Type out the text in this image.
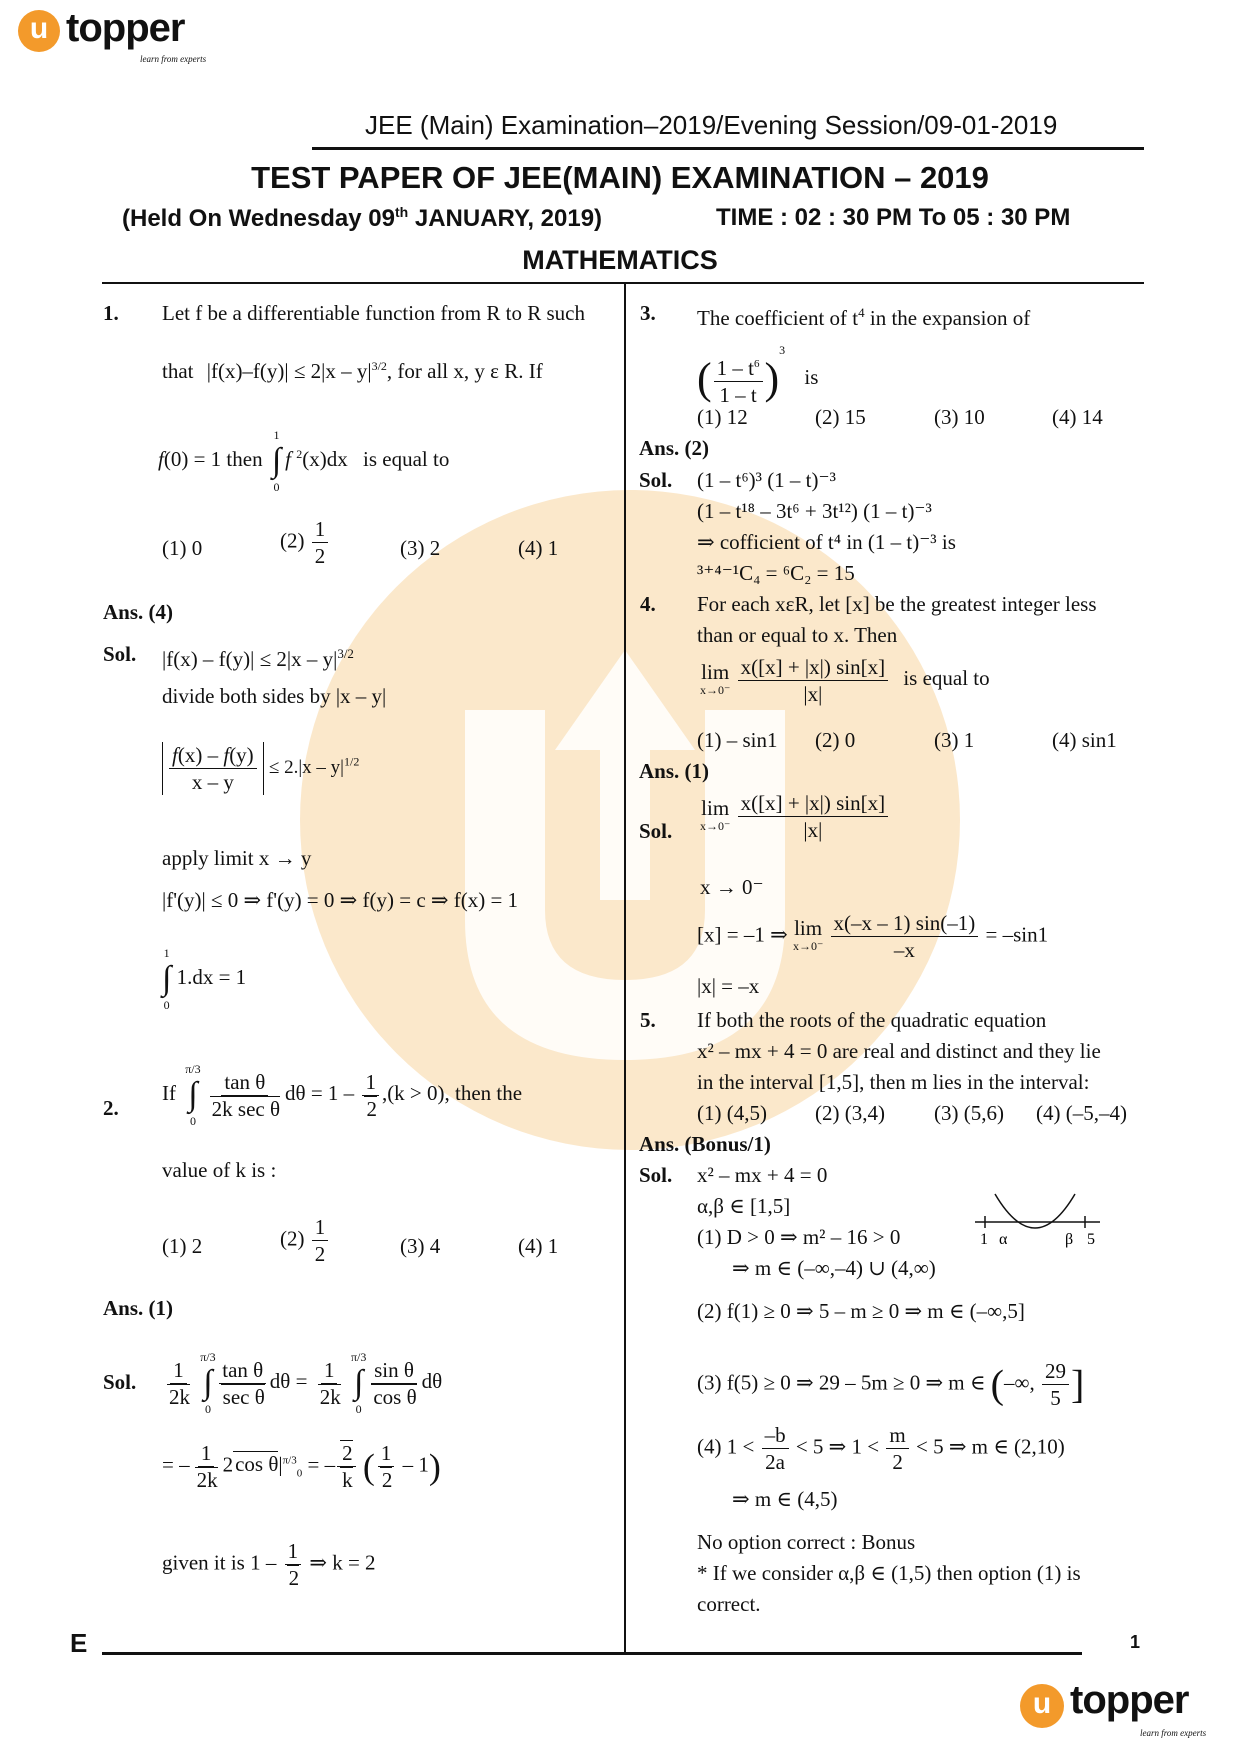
u topper
learn from experts
JEE (Main) Examination–2019/Evening Session/09-01-2019
TEST PAPER OF JEE(MAIN) EXAMINATION – 2019
(Held On Wednesday 09th JANUARY, 2019)	TIME : 02 : 30 PM To 05 : 30 PM
MATHEMATICS
1. Let f be a differentiable function from R to R such
that $|f(x)-f(y)| \le 2|x - y|^{3/2}$, for all x, y ε R. If
f(0) = 1 then
1
∫
0
f $^2$(x)dx is equal to
(1) 0	$(2) \frac{1}{2}$	(3) 2	(4) 1
Ans. (4)
Sol. $|f(x) - f(y)| \le 2|x - y|^{3/2}$
divide both sides by |x – y|
$\frac{f(x) - f(y)}{x - y} \le 2.|x - y|^{1/2}$
apply limit x → y
|f'(y)| ≤ 0 ⇒ f'(y) = 0 ⇒ f(y) = c ⇒ f(x) = 1
1
∫
0
1.dx = 1
2.
If
π/3
∫
0
tan θ
2k sec θ
$d\theta = 1 - \frac{1}{2} ,(k > 0)$, then the
value of k is :
(1) 2	$(2) \frac{1}{2}$	(3) 4	(4) 1
Ans. (1)
Sol. $\frac{1}{2k}$
π/3
∫
0
tan θ
sec θ
$d\theta = \frac{1}{2k}$
π/3
∫
$0 \frac{\text{sin θ}}{\text{cos θ}}$ dθ
= – $\frac{1}{2k} 2\cos$ $\theta|^{\pi/3}_0$ = – $\frac{2}{k}$ ( $\frac{1}{2} - 1$)
given it is $1 - \frac{1}{2}$ ⇒ k = 2
3. The coefficient of $t^4$ in the expansion of
( $\frac{1 - t^6}{1 - t} )^3$ is
(1) 12	(2) 15	(3) 10	(4) 14
Ans. (2)
Sol. (1 – t⁶)³ (1 – t)⁻³
(1 – t¹⁸ – 3t⁶ + 3t¹²) (1 – t)⁻³
⇒ cofficient of t⁴ in (1 – t)⁻³ is
³⁺⁴⁻¹C₄ = ⁶C₂ = 15
4. For each xεR, let [x] be the greatest integer less
than or equal to x. Then
lim
x→0⁻
$\frac{x([x] + |x|) \sin[x]}{|x|}$ is equal to
(1) – sin1 (2) 0	(3) 1	(4) sin1
Ans. (1)
Sol.
lim
x→0⁻
$\frac{x([x] + |x|) \sin[x]}{|x|}$
x → 0⁻
[x] = –1 ⇒ lim
x→0⁻
$\frac{x(-x - 1) \sin(-1)}{-x} = -\sin 1$
|x| = –x
5. If both the roots of the quadratic equation
x² – mx + 4 = 0 are real and distinct and they lie
in the interval [1,5], then m lies in the interval:
(1) (4,5) (2) (3,4) (3) (5,6) (4) (–5,–4)
Ans. (Bonus/1)
Sol. x² – mx + 4 = 0
α,β ∈ [1,5]
(1) D > 0 ⇒ m² – 16 > 0
⇒ m ∈ (–∞,–4) ∪ (4,∞)
(2) f(1) ≥ 0 ⇒ 5 – m ≥ 0 ⇒ m ∈ (–∞,5]
(3) f(5) ≥ 0 ⇒ 29 – 5m ≥ 0 ⇒ m ∈ (–∞, $\frac{29}{5}$ ]
(4) $1 < \frac{-b}{2a} < 5$ ⇒ $1 < \frac{m}{2} < 5$ ⇒ m ∈ (2,10)
⇒ m ∈ (4,5)
No option correct : Bonus
* If we consider α,β ∈ (1,5) then option (1) is
correct.
1 α	β 5
E	1
u topper
learn from experts
